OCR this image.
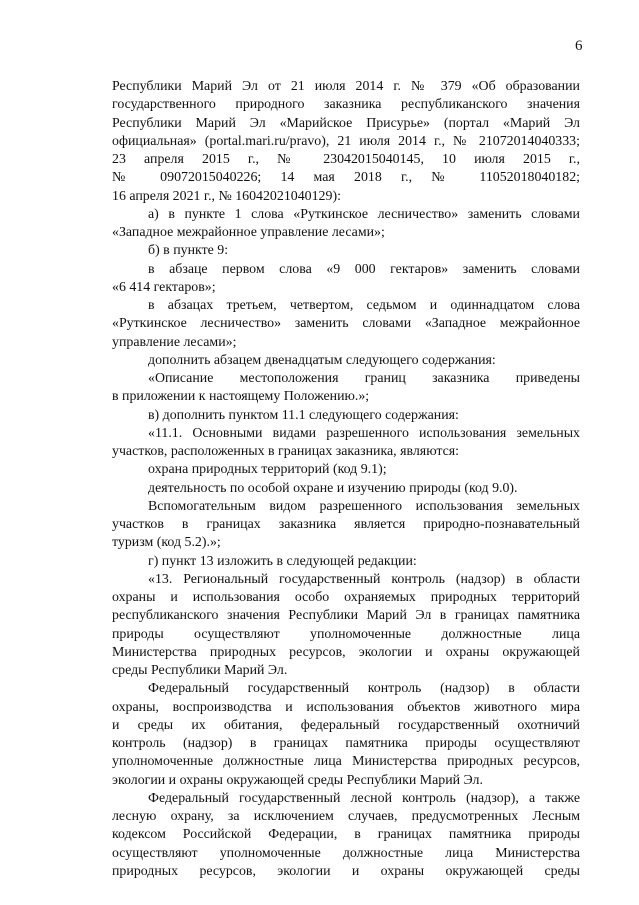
6
Республики Марий Эл от 21 июля 2014 г. № 379 «Об образовании
государственного природного заказника республиканского значения
Республики Марий Эл «Марийское Присурье» (портал «Марий Эл
официальная» (portal.mari.ru/pravo), 21 июля 2014 г., № 21072014040333;
23 апреля 2015 г., № 23042015040145, 10 июля 2015 г.,
№ 09072015040226; 14 мая 2018 г., № 11052018040182;
16 апреля 2021 г., № 16042021040129):
а) в пункте 1 слова «Руткинское лесничество» заменить словами
«Западное межрайонное управление лесами»;
б) в пункте 9:
в абзаце первом слова «9 000 гектаров» заменить словами
«6 414 гектаров»;
в абзацах третьем, четвертом, седьмом и одиннадцатом слова
«Руткинское лесничество» заменить словами «Западное межрайонное
управление лесами»;
дополнить абзацем двенадцатым следующего содержания:
«Описание местоположения границ заказника приведены
в приложении к настоящему Положению.»;
в) дополнить пунктом 11.1 следующего содержания:
«11.1. Основными видами разрешенного использования земельных
участков, расположенных в границах заказника, являются:
охрана природных территорий (код 9.1);
деятельность по особой охране и изучению природы (код 9.0).
Вспомогательным видом разрешенного использования земельных
участков в границах заказника является природно-познавательный
туризм (код 5.2).»;
г) пункт 13 изложить в следующей редакции:
«13. Региональный государственный контроль (надзор) в области
охраны и использования особо охраняемых природных территорий
республиканского значения Республики Марий Эл в границах памятника
природы осуществляют уполномоченные должностные лица
Министерства природных ресурсов, экологии и охраны окружающей
среды Республики Марий Эл.
Федеральный государственный контроль (надзор) в области
охраны, воспроизводства и использования объектов животного мира
и среды их обитания, федеральный государственный охотничий
контроль (надзор) в границах памятника природы осуществляют
уполномоченные должностные лица Министерства природных ресурсов,
экологии и охраны окружающей среды Республики Марий Эл.
Федеральный государственный лесной контроль (надзор), а также
лесную охрану, за исключением случаев, предусмотренных Лесным
кодексом Российской Федерации, в границах памятника природы
осуществляют уполномоченные должностные лица Министерства
природных ресурсов, экологии и охраны окружающей среды
